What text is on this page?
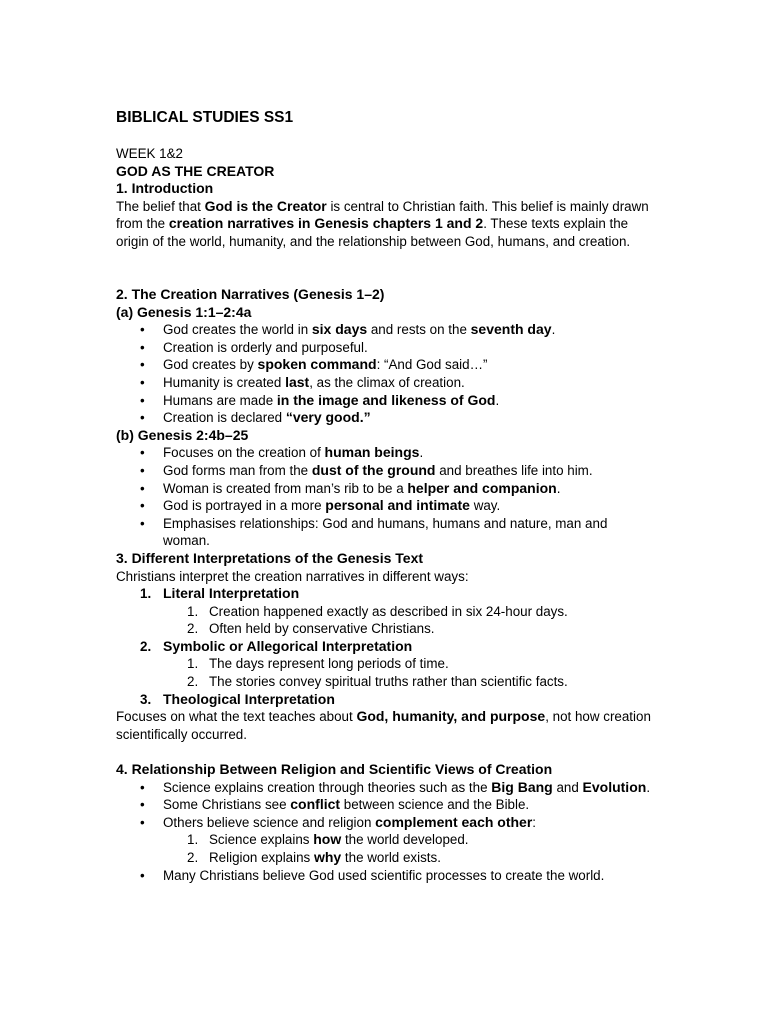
BIBLICAL STUDIES SS1

WEEK 1&2

GOD AS THE CREATOR

1. Introduction

The belief that God is the Creator is central to Christian faith. This belief is mainly drawn from the creation narratives in Genesis chapters 1 and 2. These texts explain the origin of the world, humanity, and the relationship between God, humans, and creation.

2. The Creation Narratives (Genesis 1–2)

(a) Genesis 1:1–2:4a

• God creates the world in six days and rests on the seventh day.
• Creation is orderly and purposeful.
• God creates by spoken command: “And God said…”
• Humanity is created last, as the climax of creation.
• Humans are made in the image and likeness of God.
• Creation is declared “very good.”

(b) Genesis 2:4b–25

• Focuses on the creation of human beings.
• God forms man from the dust of the ground and breathes life into him.
• Woman is created from man’s rib to be a helper and companion.
• God is portrayed in a more personal and intimate way.
• Emphasises relationships: God and humans, humans and nature, man and woman.

3. Different Interpretations of the Genesis Text

Christians interpret the creation narratives in different ways:

1. Literal Interpretation
1. Creation happened exactly as described in six 24-hour days.
2. Often held by conservative Christians.
2. Symbolic or Allegorical Interpretation
1. The days represent long periods of time.
2. The stories convey spiritual truths rather than scientific facts.
3. Theological Interpretation

Focuses on what the text teaches about God, humanity, and purpose, not how creation scientifically occurred.

4. Relationship Between Religion and Scientific Views of Creation

• Science explains creation through theories such as the Big Bang and Evolution.
• Some Christians see conflict between science and the Bible.
• Others believe science and religion complement each other:
1. Science explains how the world developed.
2. Religion explains why the world exists.
• Many Christians believe God used scientific processes to create the world.
